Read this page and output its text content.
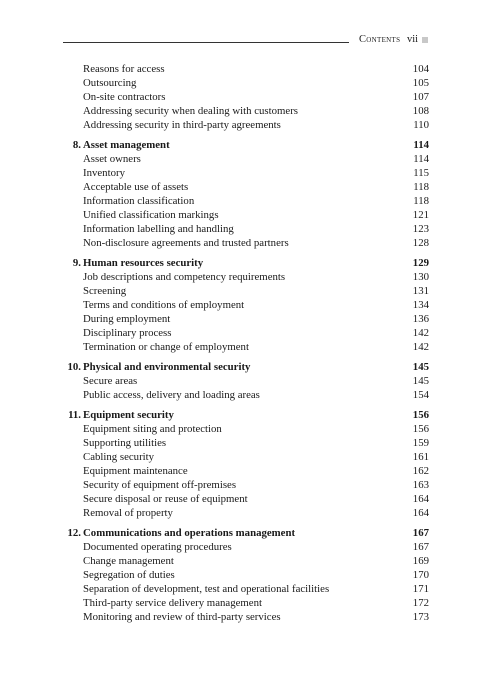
Contents vii
Reasons for access	104
Outsourcing	105
On-site contractors	107
Addressing security when dealing with customers	108
Addressing security in third-party agreements	110
8. Asset management	114
Asset owners	114
Inventory	115
Acceptable use of assets	118
Information classification	118
Unified classification markings	121
Information labelling and handling	123
Non-disclosure agreements and trusted partners	128
9. Human resources security	129
Job descriptions and competency requirements	130
Screening	131
Terms and conditions of employment	134
During employment	136
Disciplinary process	142
Termination or change of employment	142
10. Physical and environmental security	145
Secure areas	145
Public access, delivery and loading areas	154
11. Equipment security	156
Equipment siting and protection	156
Supporting utilities	159
Cabling security	161
Equipment maintenance	162
Security of equipment off-premises	163
Secure disposal or reuse of equipment	164
Removal of property	164
12. Communications and operations management	167
Documented operating procedures	167
Change management	169
Segregation of duties	170
Separation of development, test and operational facilities	171
Third-party service delivery management	172
Monitoring and review of third-party services	173
